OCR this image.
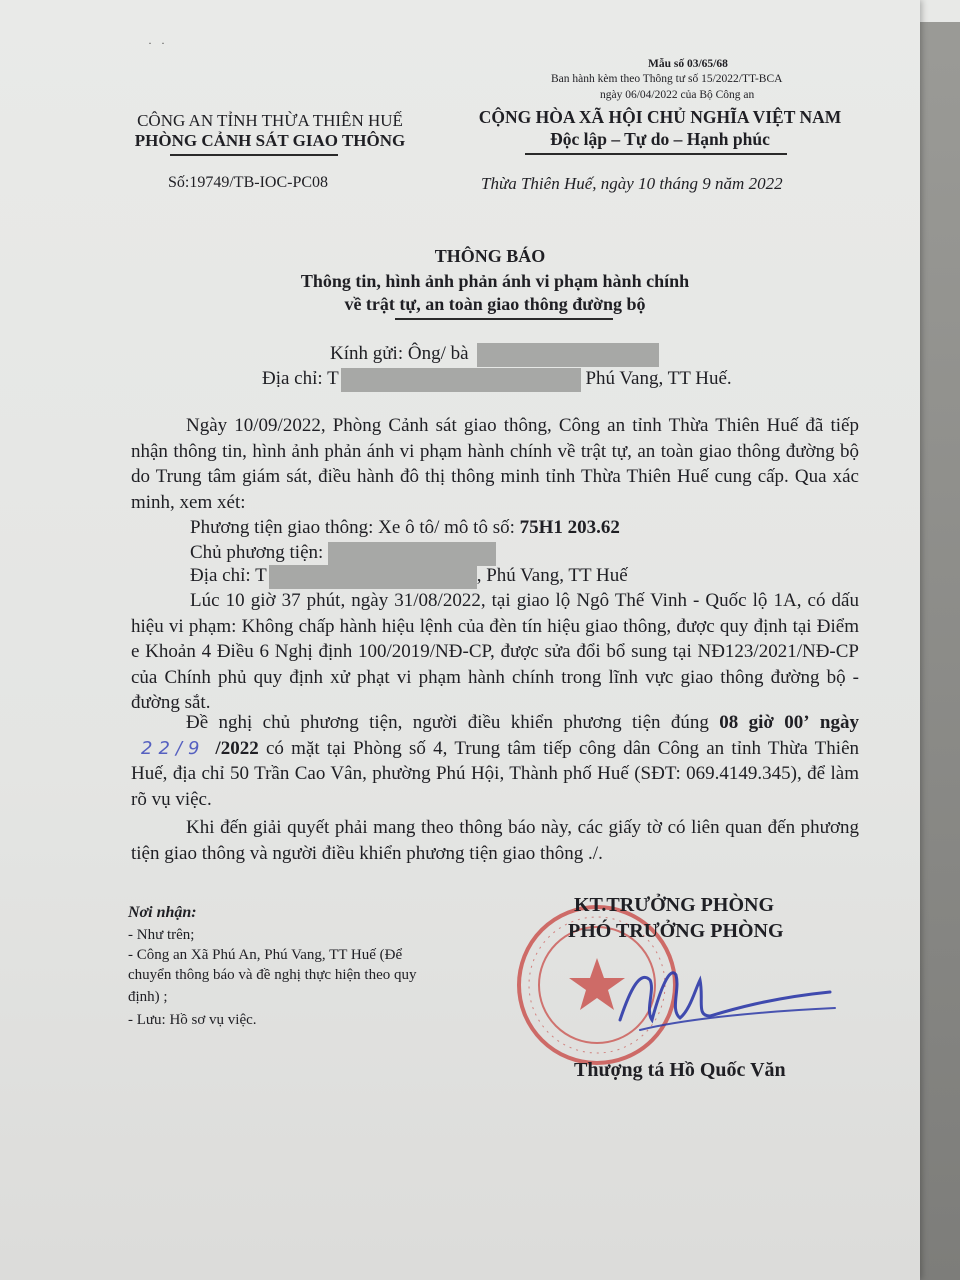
· ·
Mẫu số 03/65/68
Ban hành kèm theo Thông tư số 15/2022/TT-BCA
ngày 06/04/2022 của Bộ Công an
CÔNG AN TỈNH THỪA THIÊN HUẾ
PHÒNG CẢNH SÁT GIAO THÔNG
Số:19749/TB-IOC-PC08
CỘNG HÒA XÃ HỘI CHỦ NGHĨA VIỆT NAM
Độc lập – Tự do – Hạnh phúc
Thừa Thiên Huế, ngày 10 tháng 9 năm 2022
THÔNG BÁO
Thông tin, hình ảnh phản ánh vi phạm hành chính
về trật tự, an toàn giao thông đường bộ
Kính gửi: Ông/ bà
Địa chỉ: T	Phú Vang, TT Huế.
Ngày 10/09/2022, Phòng Cảnh sát giao thông, Công an tỉnh Thừa Thiên Huế đã tiếp nhận thông tin, hình ảnh phản ánh vi phạm hành chính về trật tự, an toàn giao thông đường bộ do Trung tâm giám sát, điều hành đô thị thông minh tỉnh Thừa Thiên Huế cung cấp. Qua xác minh, xem xét:
Phương tiện giao thông: Xe ô tô/ mô tô số: 75H1 203.62
Chủ phương tiện:
Địa chỉ: T	, Phú Vang, TT Huế
Lúc 10 giờ 37 phút, ngày 31/08/2022, tại giao lộ Ngô Thế Vinh - Quốc lộ 1A, có dấu hiệu vi phạm: Không chấp hành hiệu lệnh của đèn tín hiệu giao thông, được quy định tại Điểm e Khoản 4 Điều 6 Nghị định 100/2019/NĐ-CP, được sửa đổi bổ sung tại NĐ123/2021/NĐ-CP của Chính phủ quy định xử phạt vi phạm hành chính trong lĩnh vực giao thông đường bộ - đường sắt.
Đề nghị chủ phương tiện, người điều khiển phương tiện đúng 08 giờ 00’ ngày 22/9 /2022 có mặt tại Phòng số 4, Trung tâm tiếp công dân Công an tỉnh Thừa Thiên Huế, địa chỉ 50 Trần Cao Vân, phường Phú Hội, Thành phố Huế (SĐT: 069.4149.345), để làm rõ vụ việc.
Khi đến giải quyết phải mang theo thông báo này, các giấy tờ có liên quan đến phương tiện giao thông và người điều khiển phương tiện giao thông ./.
Nơi nhận:
- Như trên;
- Công an Xã Phú An, Phú Vang, TT Huế (Để
chuyển thông báo và đề nghị thực hiện theo quy
định) ;
- Lưu: Hồ sơ vụ việc.
KT.TRƯỞNG PHÒNG
PHÓ TRƯỞNG PHÒNG
Thượng tá Hồ Quốc Văn
